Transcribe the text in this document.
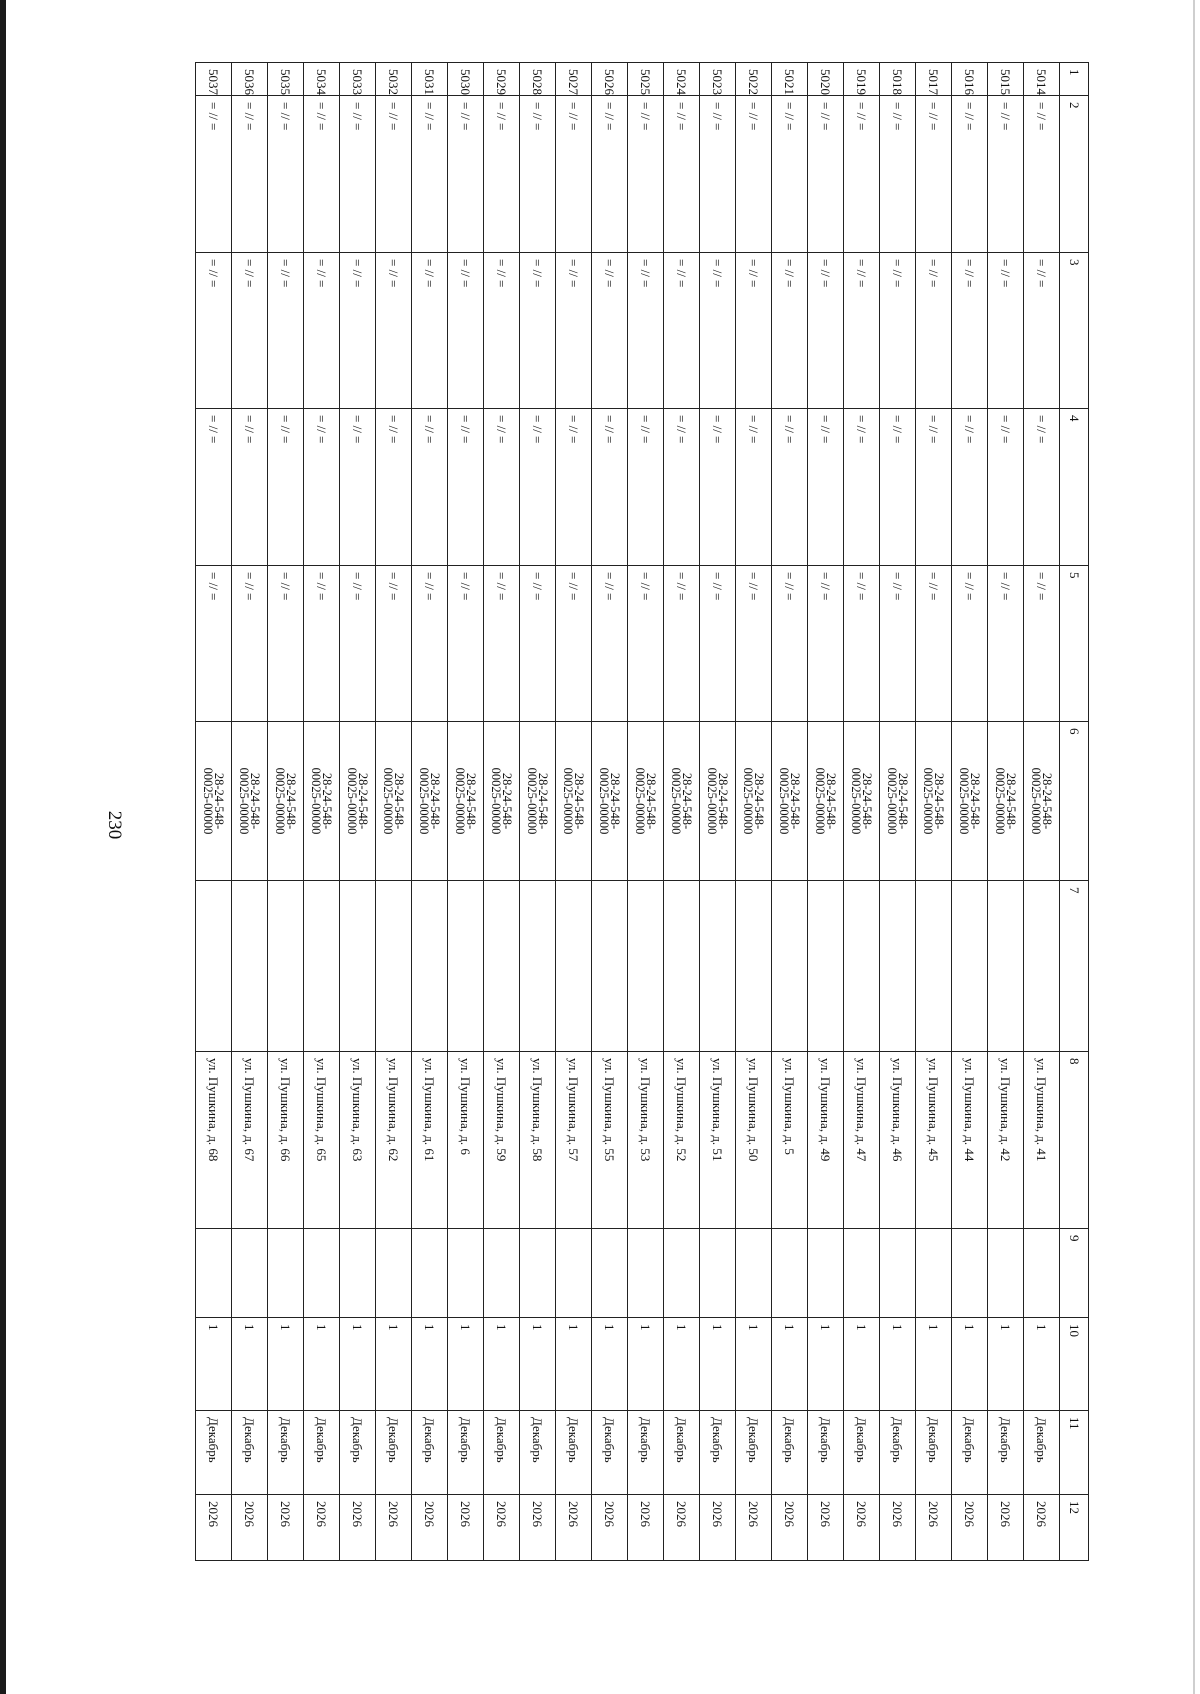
230
1	2	3	4	5	6	7	8	9	10	11	12
5014	= // =	= // =	= // =	= // =	28-24-548-
00025-00000		ул. Пушкина, д. 41		1	Декабрь	2026
5015	= // =	= // =	= // =	= // =	28-24-548-
00025-00000		ул. Пушкина, д. 42		1	Декабрь	2026
5016	= // =	= // =	= // =	= // =	28-24-548-
00025-00000		ул. Пушкина, д. 44		1	Декабрь	2026
5017	= // =	= // =	= // =	= // =	28-24-548-
00025-00000		ул. Пушкина, д. 45		1	Декабрь	2026
5018	= // =	= // =	= // =	= // =	28-24-548-
00025-00000		ул. Пушкина, д. 46		1	Декабрь	2026
5019	= // =	= // =	= // =	= // =	28-24-548-
00025-00000		ул. Пушкина, д. 47		1	Декабрь	2026
5020	= // =	= // =	= // =	= // =	28-24-548-
00025-00000		ул. Пушкина, д. 49		1	Декабрь	2026
5021	= // =	= // =	= // =	= // =	28-24-548-
00025-00000		ул. Пушкина, д. 5		1	Декабрь	2026
5022	= // =	= // =	= // =	= // =	28-24-548-
00025-00000		ул. Пушкина, д. 50		1	Декабрь	2026
5023	= // =	= // =	= // =	= // =	28-24-548-
00025-00000		ул. Пушкина, д. 51		1	Декабрь	2026
5024	= // =	= // =	= // =	= // =	28-24-548-
00025-00000		ул. Пушкина, д. 52		1	Декабрь	2026
5025	= // =	= // =	= // =	= // =	28-24-548-
00025-00000		ул. Пушкина, д. 53		1	Декабрь	2026
5026	= // =	= // =	= // =	= // =	28-24-548-
00025-00000		ул. Пушкина, д. 55		1	Декабрь	2026
5027	= // =	= // =	= // =	= // =	28-24-548-
00025-00000		ул. Пушкина, д. 57		1	Декабрь	2026
5028	= // =	= // =	= // =	= // =	28-24-548-
00025-00000		ул. Пушкина, д. 58		1	Декабрь	2026
5029	= // =	= // =	= // =	= // =	28-24-548-
00025-00000		ул. Пушкина, д. 59		1	Декабрь	2026
5030	= // =	= // =	= // =	= // =	28-24-548-
00025-00000		ул. Пушкина, д. 6		1	Декабрь	2026
5031	= // =	= // =	= // =	= // =	28-24-548-
00025-00000		ул. Пушкина, д. 61		1	Декабрь	2026
5032	= // =	= // =	= // =	= // =	28-24-548-
00025-00000		ул. Пушкина, д. 62		1	Декабрь	2026
5033	= // =	= // =	= // =	= // =	28-24-548-
00025-00000		ул. Пушкина, д. 63		1	Декабрь	2026
5034	= // =	= // =	= // =	= // =	28-24-548-
00025-00000		ул. Пушкина, д. 65		1	Декабрь	2026
5035	= // =	= // =	= // =	= // =	28-24-548-
00025-00000		ул. Пушкина, д. 66		1	Декабрь	2026
5036	= // =	= // =	= // =	= // =	28-24-548-
00025-00000		ул. Пушкина, д. 67		1	Декабрь	2026
5037	= // =	= // =	= // =	= // =	28-24-548-
00025-00000		ул. Пушкина, д. 68		1	Декабрь	2026
